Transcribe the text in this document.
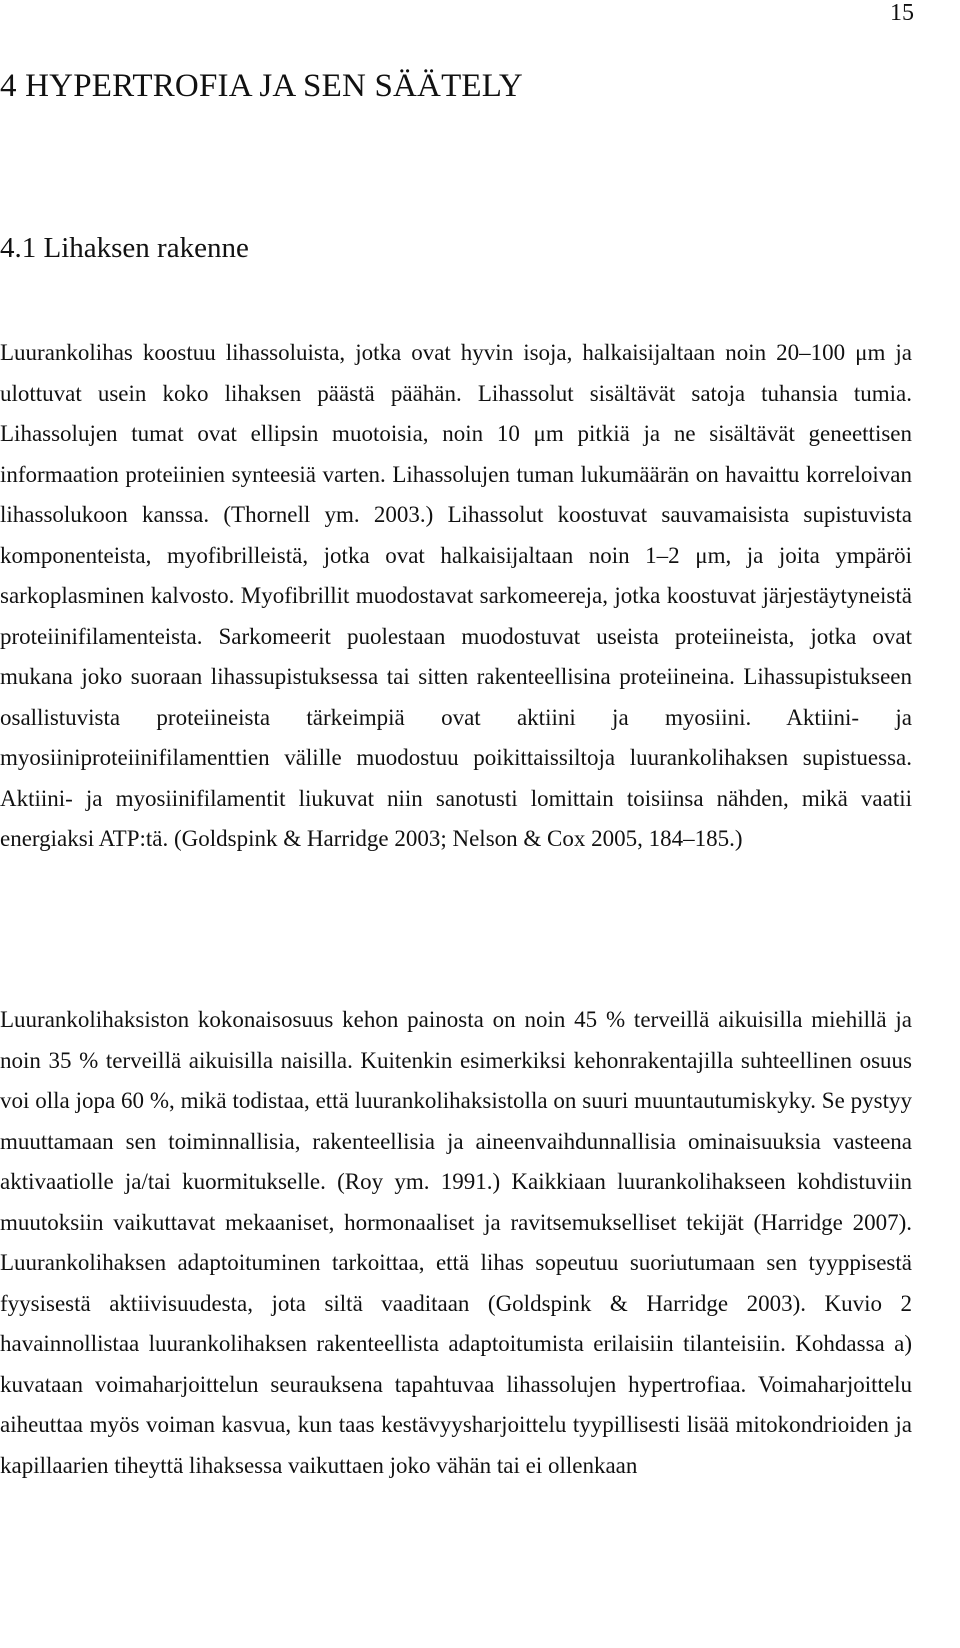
15
4 HYPERTROFIA JA SEN SÄÄTELY
4.1 Lihaksen rakenne

Luurankolihas koostuu lihassoluista, jotka ovat hyvin isoja, halkaisijaltaan noin 20–100 μm ja ulottuvat usein koko lihaksen päästä päähän. Lihassolut sisältävät satoja tuhansia tumia. Lihassolujen tumat ovat ellipsin muotoisia, noin 10 μm pitkiä ja ne sisältävät geneettisen informaation proteiinien synteesiä varten. Lihassolujen tuman lukumäärän on havaittu korreloivan lihassolukoon kanssa. (Thornell ym. 2003.) Lihassolut koostuvat sauvamaisista supistuvista komponenteista, myofibrilleistä, jotka ovat halkaisijaltaan noin 1–2 μm, ja joita ympäröi sarkoplasminen kalvosto. Myofibrillit muodostavat sarkomeereja, jotka koostuvat järjestäytyneistä proteiinifilamenteista. Sarkomeerit puolestaan muodostuvat useista proteiineista, jotka ovat mukana joko suoraan lihassupistuksessa tai sitten rakenteellisina proteiineina. Lihassupistukseen osallistuvista proteiineista tärkeimpiä ovat aktiini ja myosiini. Aktiini- ja myosiiniproteiinifilamenttien välille muodostuu poikittaissiltoja luurankolihaksen supistuessa. Aktiini- ja myosiinifilamentit liukuvat niin sanotusti lomittain toisiinsa nähden, mikä vaatii energiaksi ATP:tä. (Goldspink & Harridge 2003; Nelson & Cox 2005, 184–185.)

Luurankolihaksiston kokonaisosuus kehon painosta on noin 45 % terveillä aikuisilla miehillä ja noin 35 % terveillä aikuisilla naisilla. Kuitenkin esimerkiksi kehonrakentajilla suhteellinen osuus voi olla jopa 60 %, mikä todistaa, että luurankolihaksistolla on suuri muuntautumiskyky. Se pystyy muuttamaan sen toiminnallisia, rakenteellisia ja aineenvaihdunnallisia ominaisuuksia vasteena aktivaatiolle ja/tai kuormitukselle. (Roy ym. 1991.) Kaikkiaan luurankolihakseen kohdistuviin muutoksiin vaikuttavat mekaaniset, hormonaaliset ja ravitsemukselliset tekijät (Harridge 2007). Luurankolihaksen adaptoituminen tarkoittaa, että lihas sopeutuu suoriutumaan sen tyyppisestä fyysisestä aktiivisuudesta, jota siltä vaaditaan (Goldspink & Harridge 2003). Kuvio 2 havainnollistaa luurankolihaksen rakenteellista adaptoitumista erilaisiin tilanteisiin. Kohdassa a) kuvataan voimaharjoittelun seurauksena tapahtuvaa lihassolujen hypertrofiaa. Voimaharjoittelu aiheuttaa myös voiman kasvua, kun taas kestävyysharjoittelu tyypillisesti lisää mitokondrioiden ja kapillaarien tiheyttä lihaksessa vaikuttaen joko vähän tai ei ollenkaan
